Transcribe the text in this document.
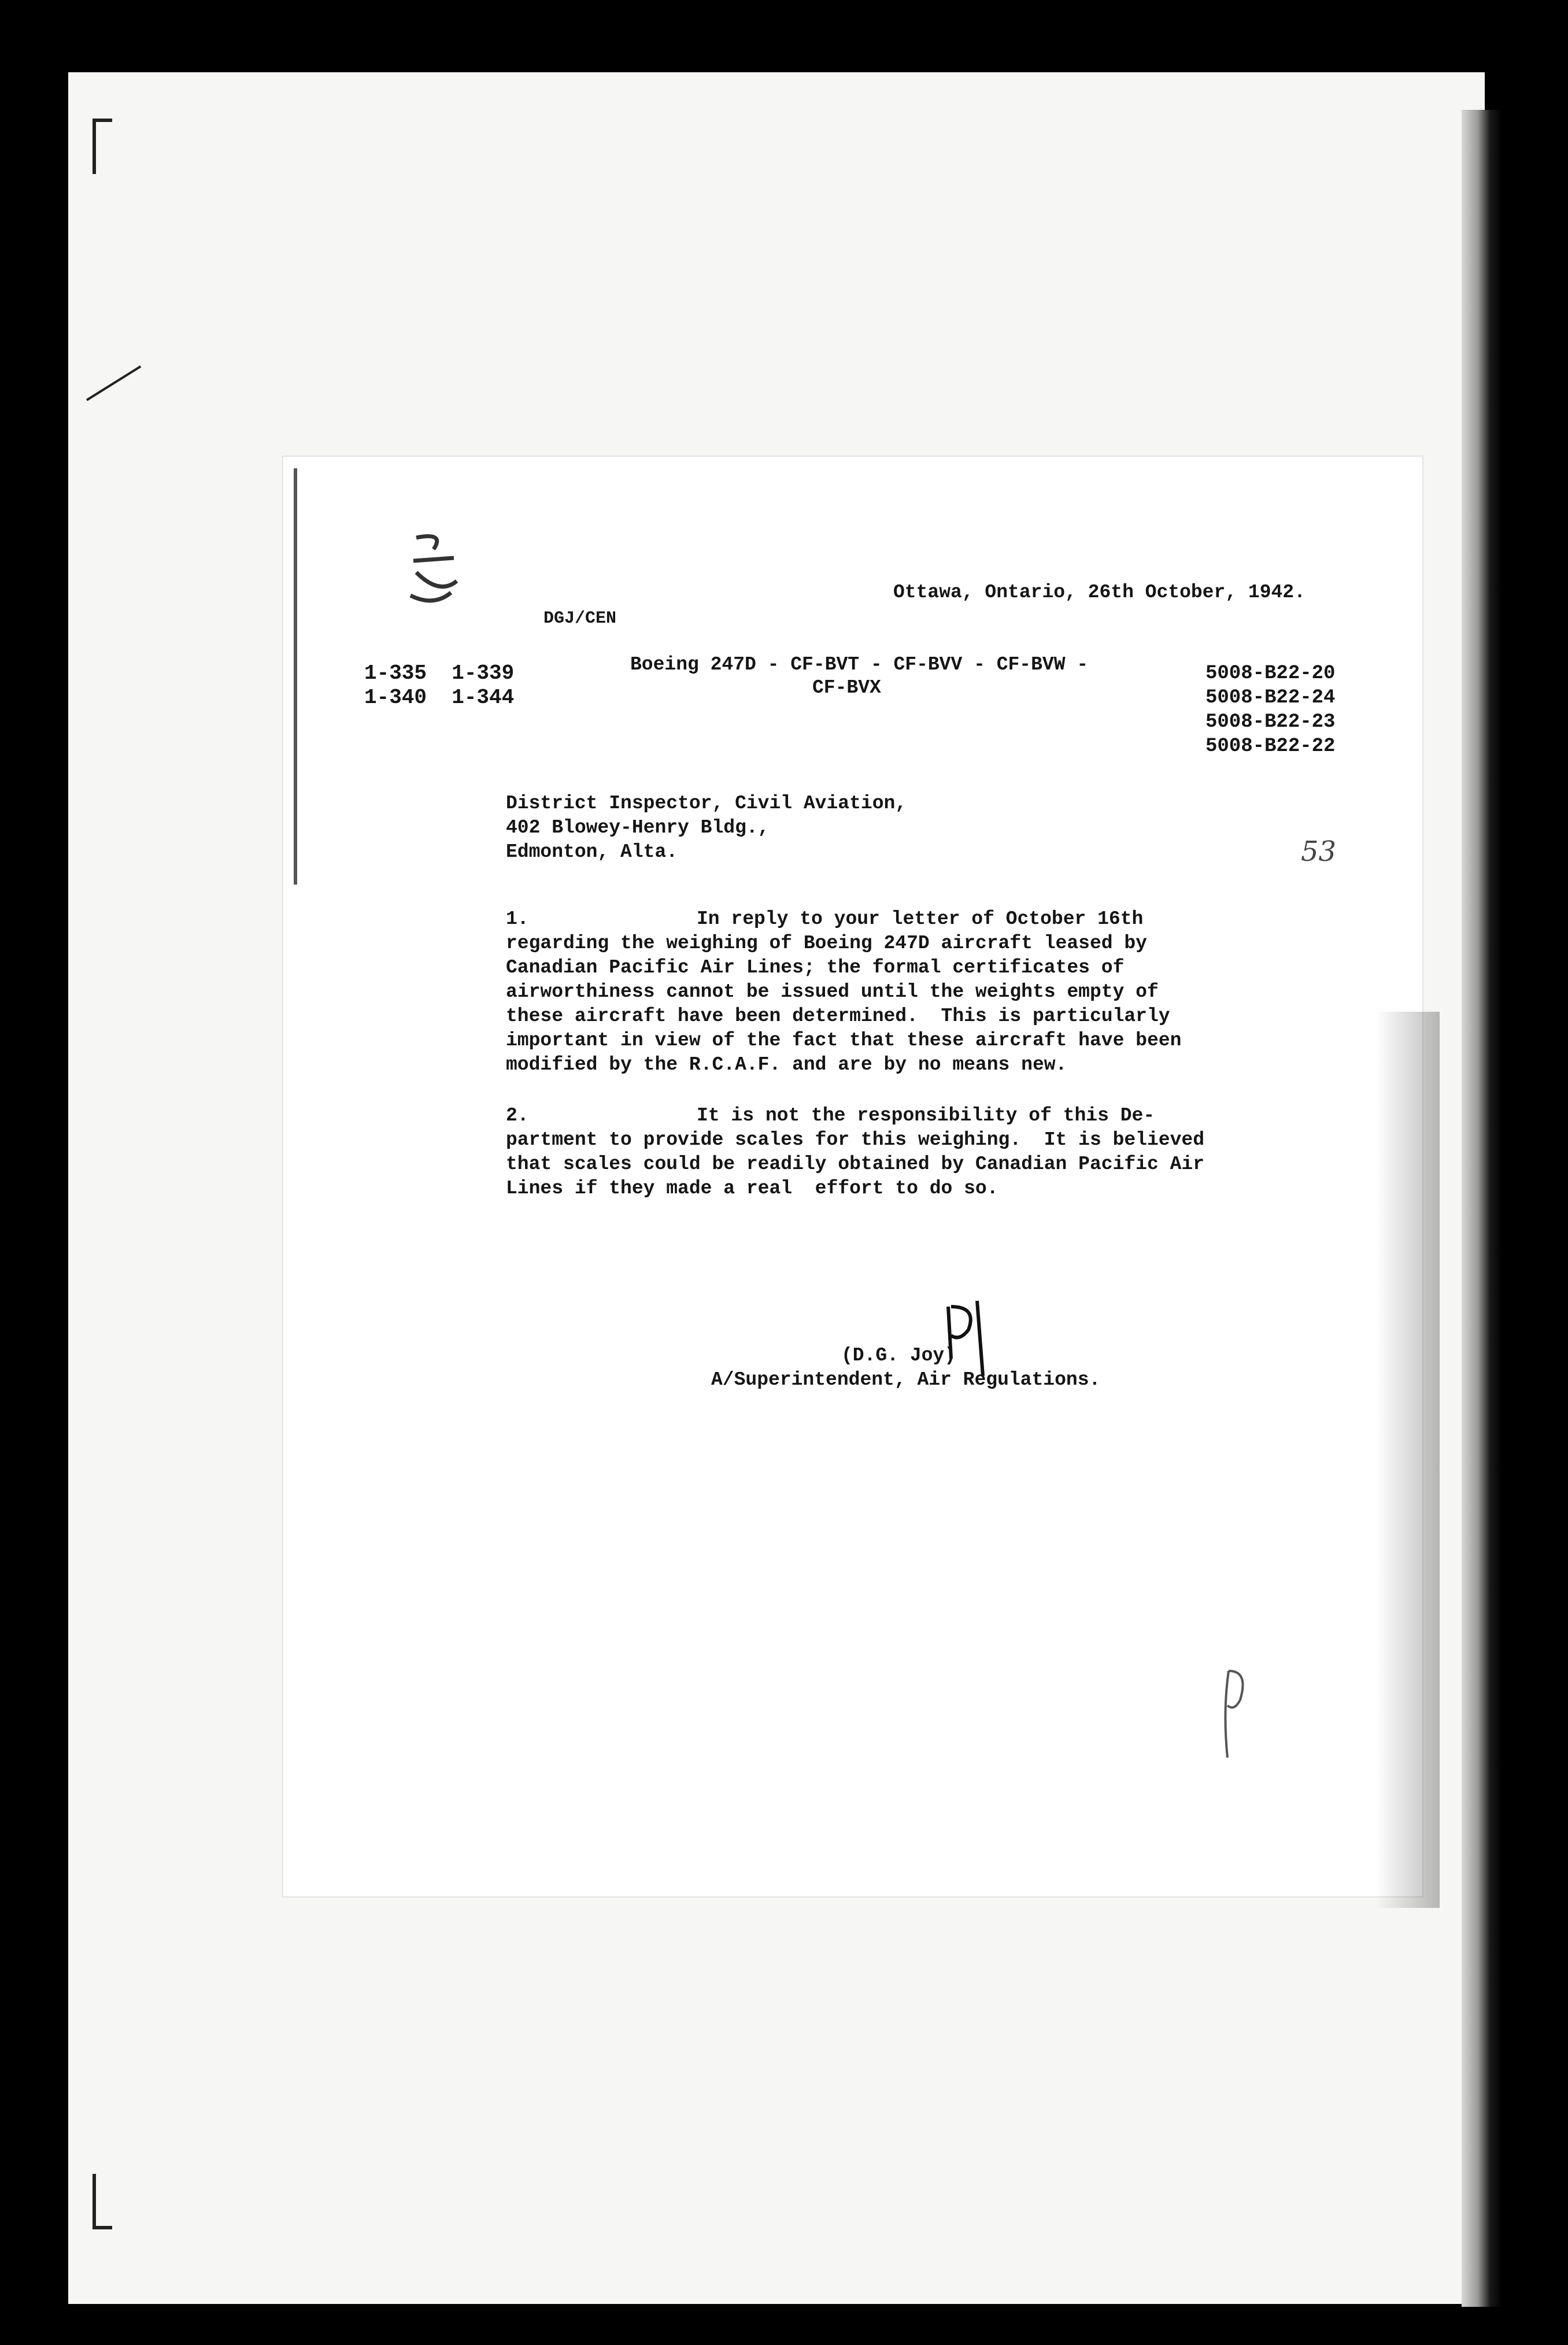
53

Ottawa, Ontario, 26th October, 1942.

DGJ/CEN

1-335  1-339

1-340  1-344

Boeing 247D - CF-BVT - CF-BVV - CF-BVW -

CF-BVX

5008-B22-20

5008-B22-24

5008-B22-23

5008-B22-22

District Inspector, Civil Aviation,

402 Blowey-Henry Bldg.,

Edmonton, Alta.

1.	In reply to your letter of October 16th

regarding the weighing of Boeing 247D aircraft leased by

Canadian Pacific Air Lines; the formal certificates of

airworthiness cannot be issued until the weights empty of

these aircraft have been determined.  This is particularly

important in view of the fact that these aircraft have been

modified by the R.C.A.F. and are by no means new.

2.	It is not the responsibility of this De-

partment to provide scales for this weighing.  It is believed

that scales could be readily obtained by Canadian Pacific Air

Lines if they made a real  effort to do so.

(D.G. Joy)

A/Superintendent, Air Regulations.
